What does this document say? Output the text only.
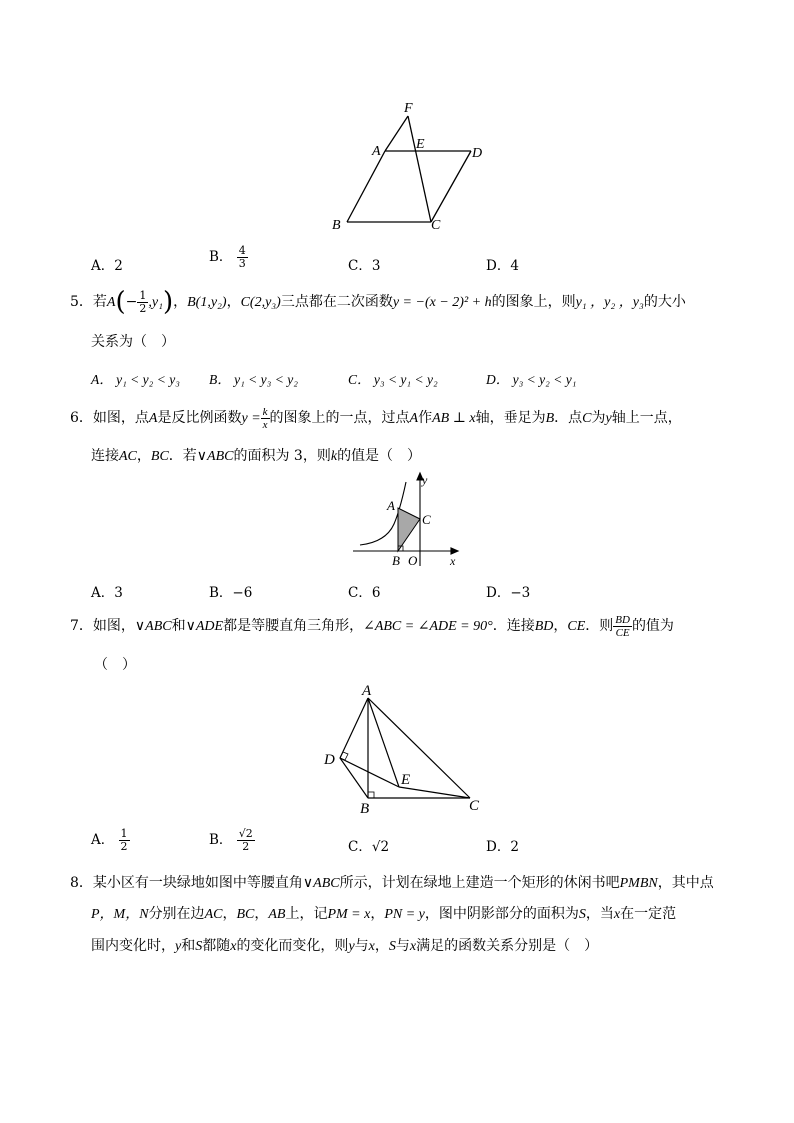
F
A	E
D
B	C
A．2
B． $\frac{4}{3}$	C．3	D．4
5．若$A(- \frac{1}{2} ,y_1)$，B(1,y₂)，C(2,y₃)三点都在二次函数y = −(x − 2)² + h的图象上，则y₁ ，y₂ ，y₃的大小
关系为（　）
A． y₁ < y₂ < y₃ B． y₁ < y₃ < y₂	C． y₃ < y₁ < y₂	D． y₃ < y₂ < y₁
6．如图，点A是反比例函数$y = \frac{k}{x}$ 的图象上的一点，过点A作AB ⊥ x轴，垂足为B．点C为y轴上一点，
连接AC，BC．若∨ABC的面积为 3，则k的值是（　）
y
A
C
B O	x
A．3	B．−6	C．6	D．−3
7．如图，∨ABC和∨ADE都是等腰直角三角形，∠ABC = ∠ADE = 90°．连接BD，CE．则 $\frac{BD}{CE}$ 的值为
（　）
A
D
E
B	C
A． $\frac{1}{2}$	B． $\frac{√2}{2}$	C．√2	D．2
8．某小区有一块绿地如图中等腰直角∨ABC所示，计划在绿地上建造一个矩形的休闲书吧PMBN，其中点
P，M，N分别在边AC，BC，AB上，记PM = x，PN = y，图中阴影部分的面积为S，当x在一定范
围内变化时，y和S都随x的变化而变化，则y与x，S与x满足的函数关系分别是（　）
